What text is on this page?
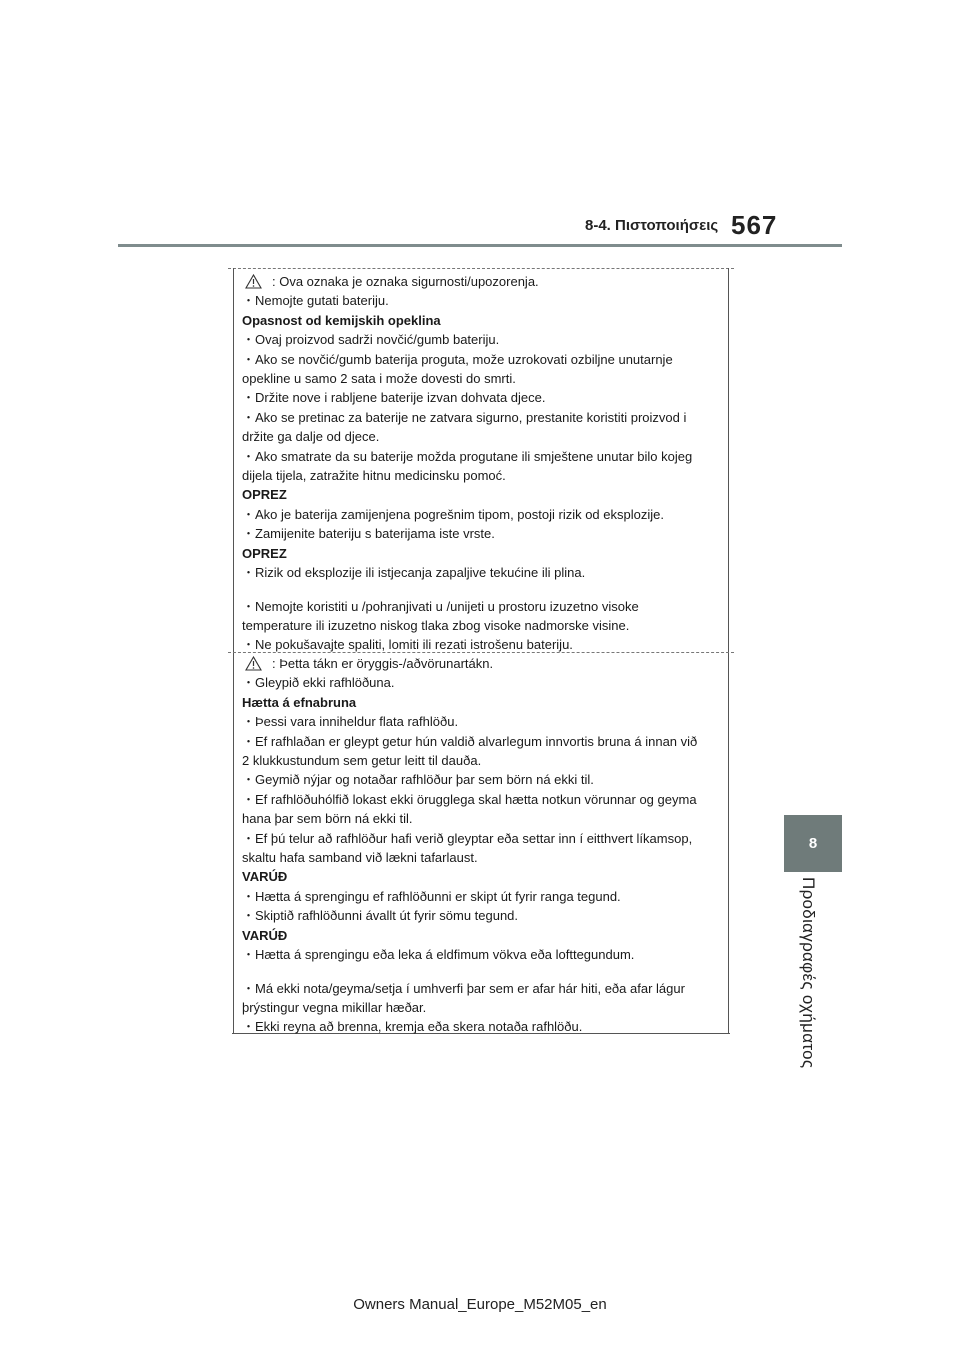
8-4. Πιστοποιήσεις 567
8
Προδιαγραφές οχήματος
: Ova oznaka je oznaka sigurnosti/upozorenja.
・Nemojte gutati bateriju.
Opasnost od kemijskih opeklina
・Ovaj proizvod sadrži novčić/gumb bateriju.
・Ako se novčić/gumb baterija proguta, može uzrokovati ozbiljne unutarnje
opekline u samo 2 sata i može dovesti do smrti.
・Držite nove i rabljene baterije izvan dohvata djece.
・Ako se pretinac za baterije ne zatvara sigurno, prestanite koristiti proizvod i
držite ga dalje od djece.
・Ako smatrate da su baterije možda progutane ili smještene unutar bilo kojeg
dijela tijela, zatražite hitnu medicinsku pomoć.
OPREZ
・Ako je baterija zamijenjena pogrešnim tipom, postoji rizik od eksplozije.
・Zamijenite bateriju s baterijama iste vrste.
OPREZ
・Rizik od eksplozije ili istjecanja zapaljive tekućine ili plina.
・Nemojte koristiti u /pohranjivati u /unijeti u prostoru izuzetno visoke
temperature ili izuzetno niskog tlaka zbog visoke nadmorske visine.
・Ne pokušavajte spaliti, lomiti ili rezati istrošenu bateriju.
: Þetta tákn er öryggis-/aðvörunartákn.
・Gleypið ekki rafhlöðuna.
Hætta á efnabruna
・Þessi vara inniheldur flata rafhlöðu.
・Ef rafhlaðan er gleypt getur hún valdið alvarlegum innvortis bruna á innan við
2 klukkustundum sem getur leitt til dauða.
・Geymið nýjar og notaðar rafhlöður þar sem börn ná ekki til.
・Ef rafhlöðuhólfið lokast ekki örugglega skal hætta notkun vörunnar og geyma
hana þar sem börn ná ekki til.
・Ef þú telur að rafhlöður hafi verið gleyptar eða settar inn í eitthvert líkamsop,
skaltu hafa samband við lækni tafarlaust.
VARÚÐ
・Hætta á sprengingu ef rafhlöðunni er skipt út fyrir ranga tegund.
・Skiptið rafhlöðunni ávallt út fyrir sömu tegund.
VARÚÐ
・Hætta á sprengingu eða leka á eldfimum vökva eða lofttegundum.
・Má ekki nota/geyma/setja í umhverfi þar sem er afar hár hiti, eða afar lágur
þrýstingur vegna mikillar hæðar.
・Ekki reyna að brenna, kremja eða skera notaða rafhlöðu.
Owners Manual_Europe_M52M05_en
